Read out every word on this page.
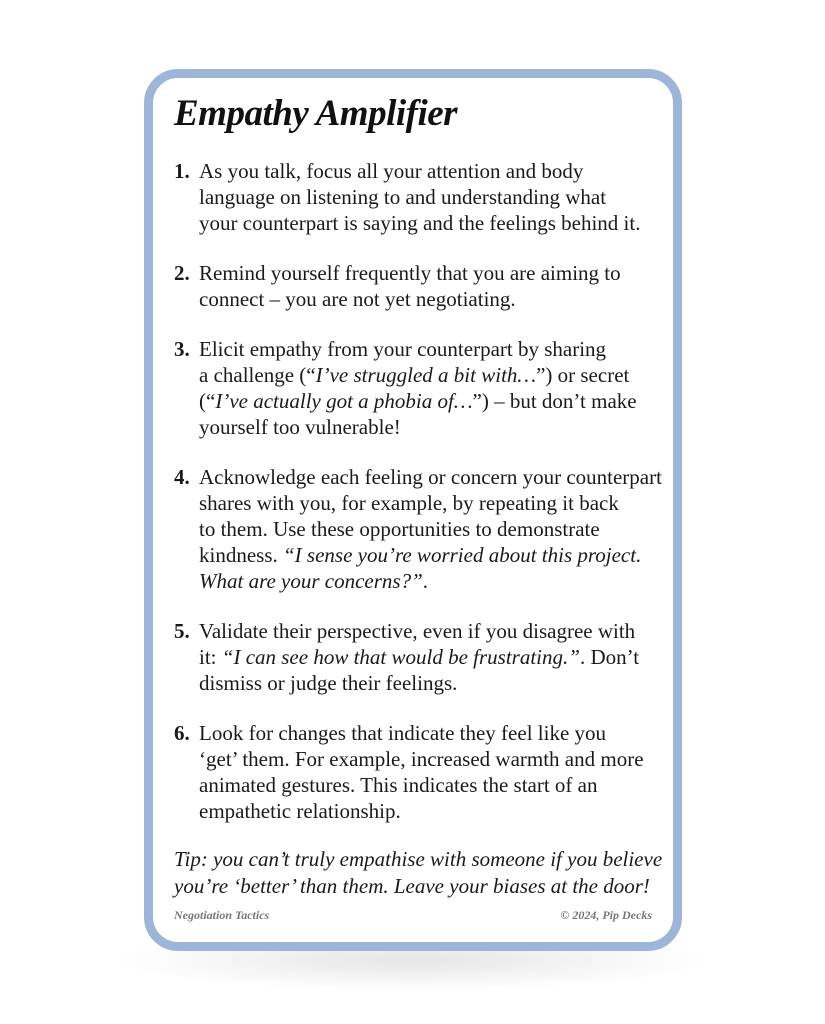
Empathy Amplifier
1. As you talk, focus all your attention and body
language on listening to and understanding what
your counterpart is saying and the feelings behind it.
2. Remind yourself frequently that you are aiming to
connect – you are not yet negotiating.
3. Elicit empathy from your counterpart by sharing
a challenge (“I’ve struggled a bit with…”) or secret
(“I’ve actually got a phobia of…”) – but don’t make
yourself too vulnerable!
4. Acknowledge each feeling or concern your counterpart
shares with you, for example, by repeating it back
to them. Use these opportunities to demonstrate
kindness. “I sense you’re worried about this project.
What are your concerns?”.
5. Validate their perspective, even if you disagree with
it: “I can see how that would be frustrating.”. Don’t
dismiss or judge their feelings.
6. Look for changes that indicate they feel like you
‘get’ them. For example, increased warmth and more
animated gestures. This indicates the start of an
empathetic relationship.
Tip: you can’t truly empathise with someone if you believe
you’re ‘better’ than them. Leave your biases at the door!
Negotiation Tactics	© 2024, Pip Decks
